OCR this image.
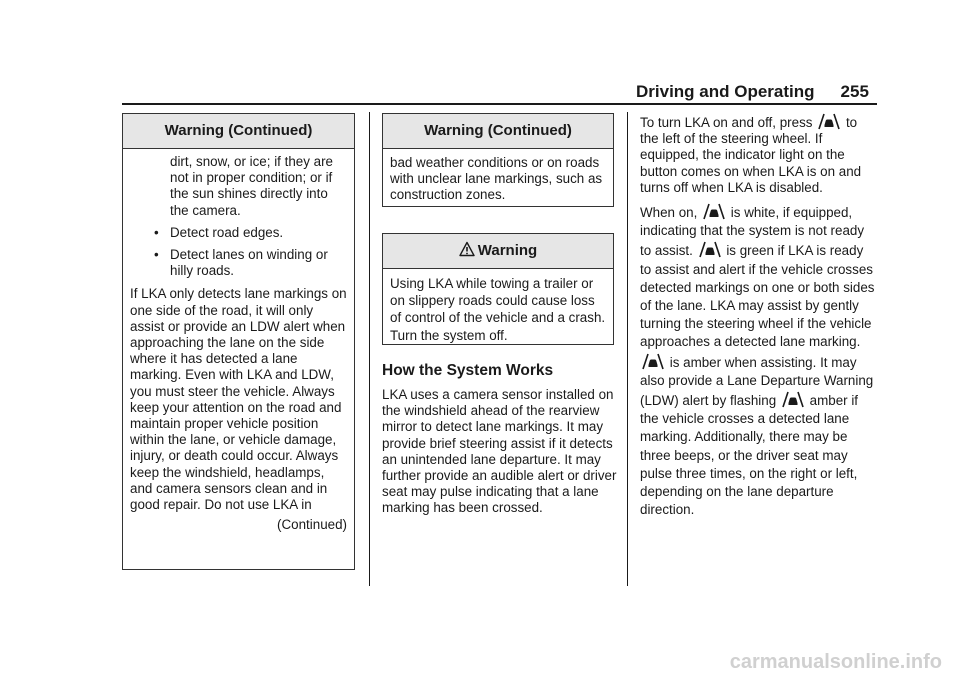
Driving and Operating 255
Warning (Continued)
dirt, snow, or ice; if they are not in proper condition; or if the sun shines directly into the camera.
• Detect road edges.
• Detect lanes on winding or hilly roads.
If LKA only detects lane markings on one side of the road, it will only assist or provide an LDW alert when approaching the lane on the side where it has detected a lane marking. Even with LKA and LDW, you must steer the vehicle. Always keep your attention on the road and maintain proper vehicle position within the lane, or vehicle damage, injury, or death could occur. Always keep the windshield, headlamps, and camera sensors clean and in good repair. Do not use LKA in
(Continued)
Warning (Continued)
bad weather conditions or on roads with unclear lane markings, such as construction zones.
Warning
Using LKA while towing a trailer or on slippery roads could cause loss of control of the vehicle and a crash. Turn the system off.
How the System Works
LKA uses a camera sensor installed on the windshield ahead of the rearview mirror to detect lane markings. It may provide brief steering assist if it detects an unintended lane departure. It may further provide an audible alert or driver seat may pulse indicating that a lane marking has been crossed.

To turn LKA on and off, press to the left of the steering wheel. If equipped, the indicator light on the button comes on when LKA is on and turns off when LKA is disabled.

When on, is white, if equipped, indicating that the system is not ready to assist. is green if LKA is ready to assist and alert if the vehicle crosses detected markings on one or both sides of the lane. LKA may assist by gently turning the steering wheel if the vehicle approaches a detected lane marking.
is amber when assisting. It may also provide a Lane Departure Warning (LDW) alert by flashing amber if the vehicle crosses a detected lane marking. Additionally, there may be three beeps, or the driver seat may pulse three times, on the right or left, depending on the lane departure direction.

carmanualsonline.info
